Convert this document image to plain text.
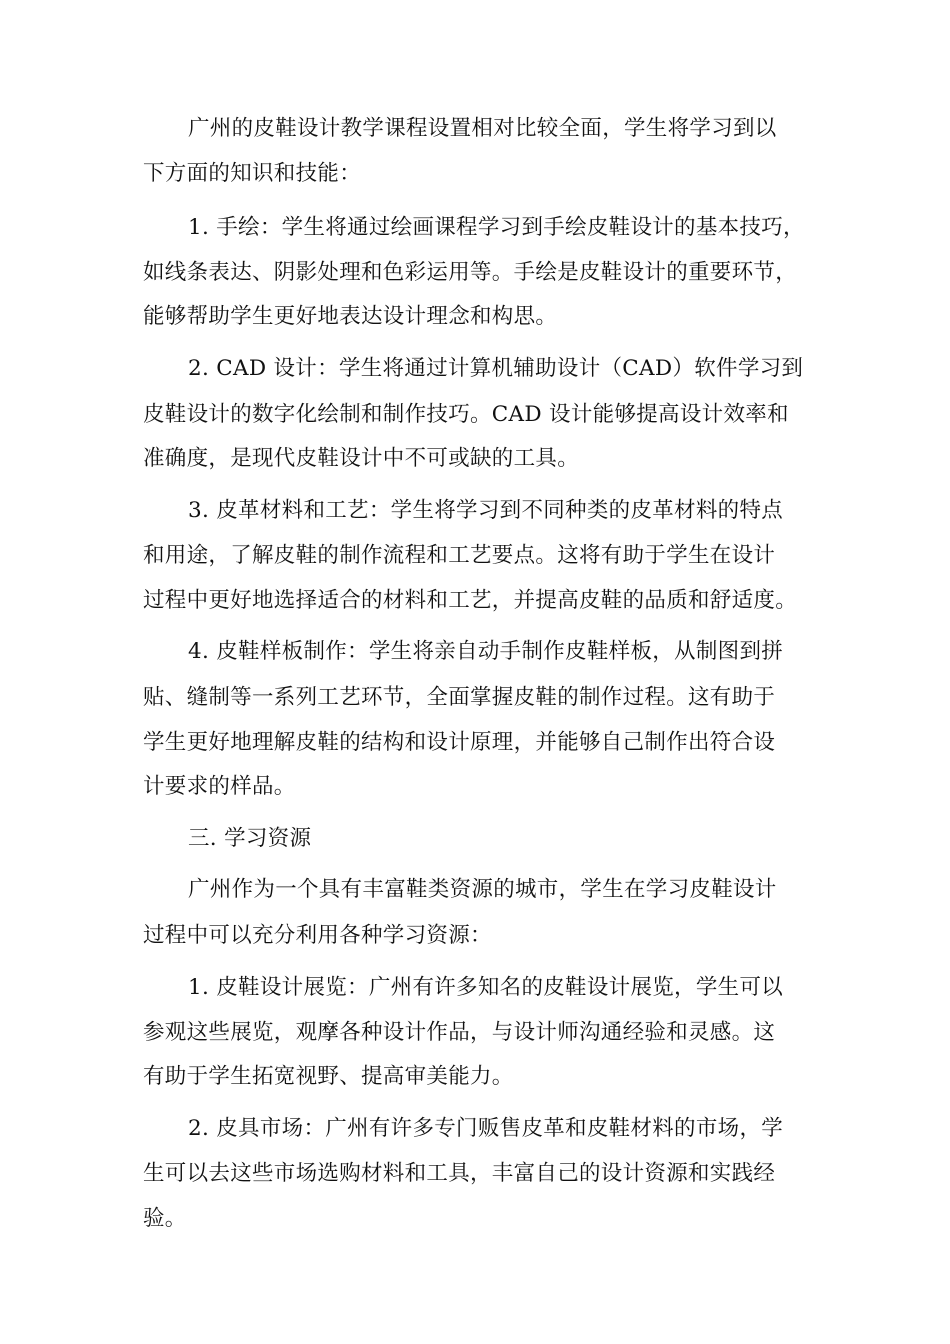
广州的皮鞋设计教学课程设置相对比较全面，学生将学习到以
下方面的知识和技能：
1. 手绘：学生将通过绘画课程学习到手绘皮鞋设计的基本技巧，
如线条表达、阴影处理和色彩运用等。手绘是皮鞋设计的重要环节，
能够帮助学生更好地表达设计理念和构思。
2. CAD 设计：学生将通过计算机辅助设计（CAD）软件学习到
皮鞋设计的数字化绘制和制作技巧。CAD 设计能够提高设计效率和
准确度，是现代皮鞋设计中不可或缺的工具。
3. 皮革材料和工艺：学生将学习到不同种类的皮革材料的特点
和用途，了解皮鞋的制作流程和工艺要点。这将有助于学生在设计
过程中更好地选择适合的材料和工艺，并提高皮鞋的品质和舒适度。
4. 皮鞋样板制作：学生将亲自动手制作皮鞋样板，从制图到拼
贴、缝制等一系列工艺环节，全面掌握皮鞋的制作过程。这有助于
学生更好地理解皮鞋的结构和设计原理，并能够自己制作出符合设
计要求的样品。
三. 学习资源
广州作为一个具有丰富鞋类资源的城市，学生在学习皮鞋设计
过程中可以充分利用各种学习资源：
1. 皮鞋设计展览：广州有许多知名的皮鞋设计展览，学生可以
参观这些展览，观摩各种设计作品，与设计师沟通经验和灵感。这
有助于学生拓宽视野、提高审美能力。
2. 皮具市场：广州有许多专门贩售皮革和皮鞋材料的市场，学
生可以去这些市场选购材料和工具，丰富自己的设计资源和实践经
验。
